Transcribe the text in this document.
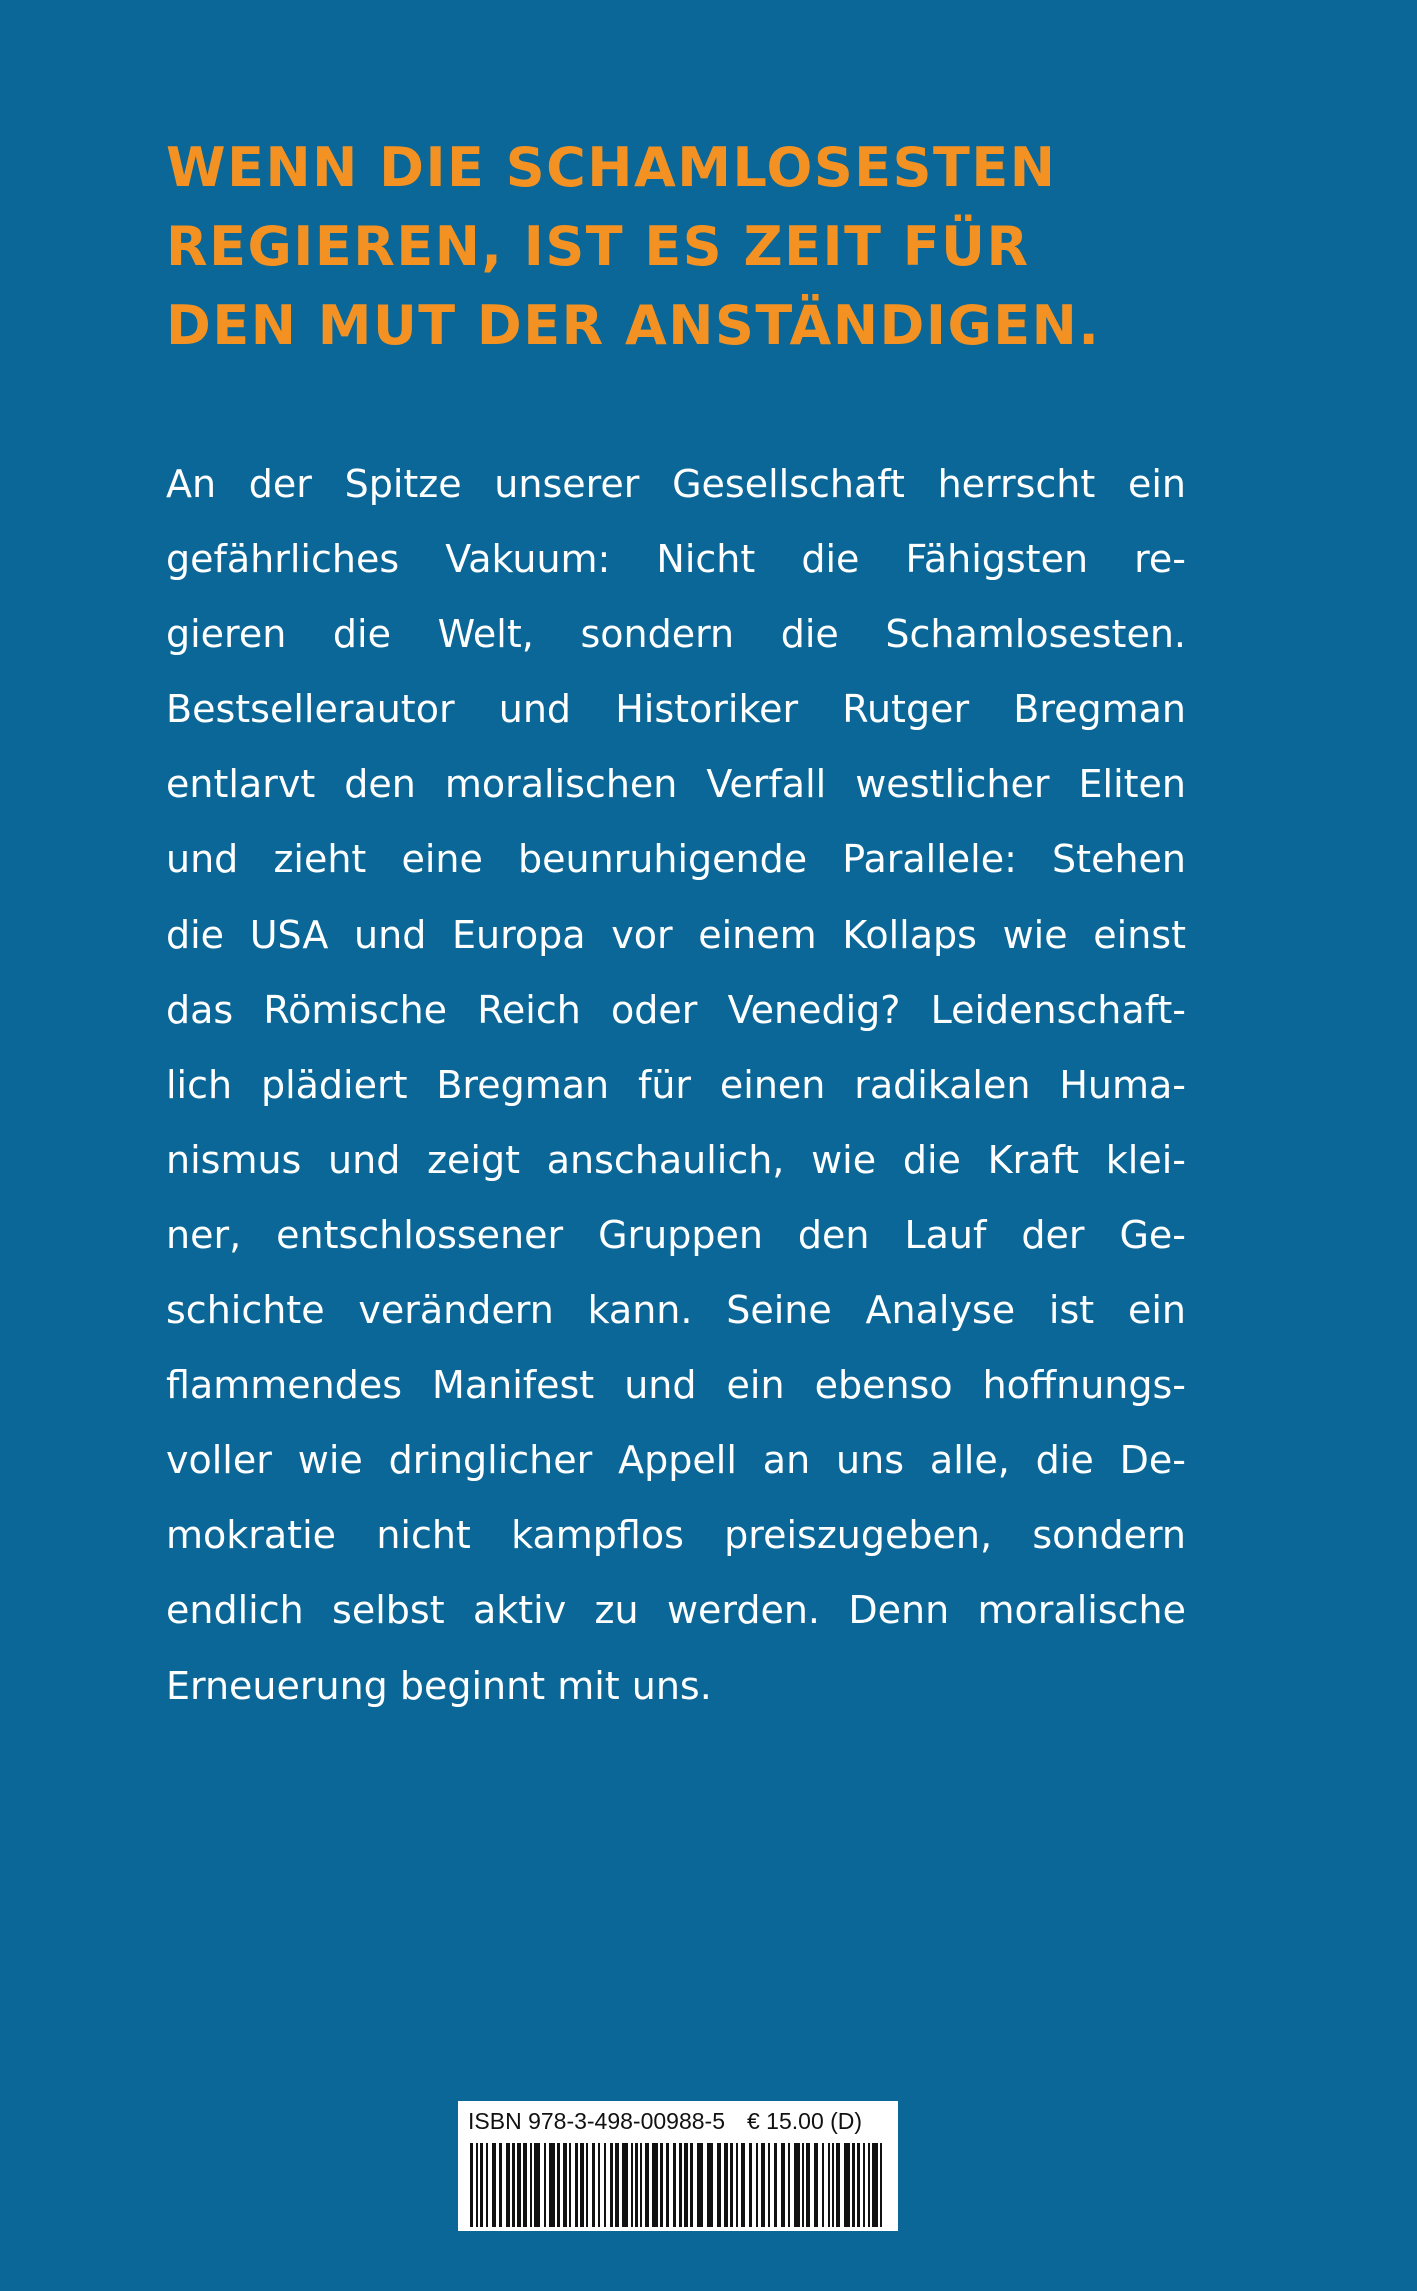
WENN DIE SCHAMLOSESTEN
REGIEREN, IST ES ZEIT FÜR
DEN MUT DER ANSTÄNDIGEN.
An der Spitze unserer Gesellschaft herrscht ein
gefährliches Vakuum: Nicht die Fähigsten re-
gieren die Welt, sondern die Schamlosesten.
Bestsellerautor und Historiker Rutger Bregman
entlarvt den moralischen Verfall westlicher Eliten
und zieht eine beunruhigende Parallele: Stehen
die USA und Europa vor einem Kollaps wie einst
das Römische Reich oder Venedig? Leidenschaft-
lich plädiert Bregman für einen radikalen Huma-
nismus und zeigt anschaulich, wie die Kraft klei-
ner, entschlossener Gruppen den Lauf der Ge-
schichte verändern kann. Seine Analyse ist ein
flammendes Manifest und ein ebenso hoffnungs-
voller wie dringlicher Appell an uns alle, die De-
mokratie nicht kampflos preiszugeben, sondern
endlich selbst aktiv zu werden. Denn moralische
Erneuerung beginnt mit uns.
ISBN 978-3-498-00988-5 € 15.00 (D)
